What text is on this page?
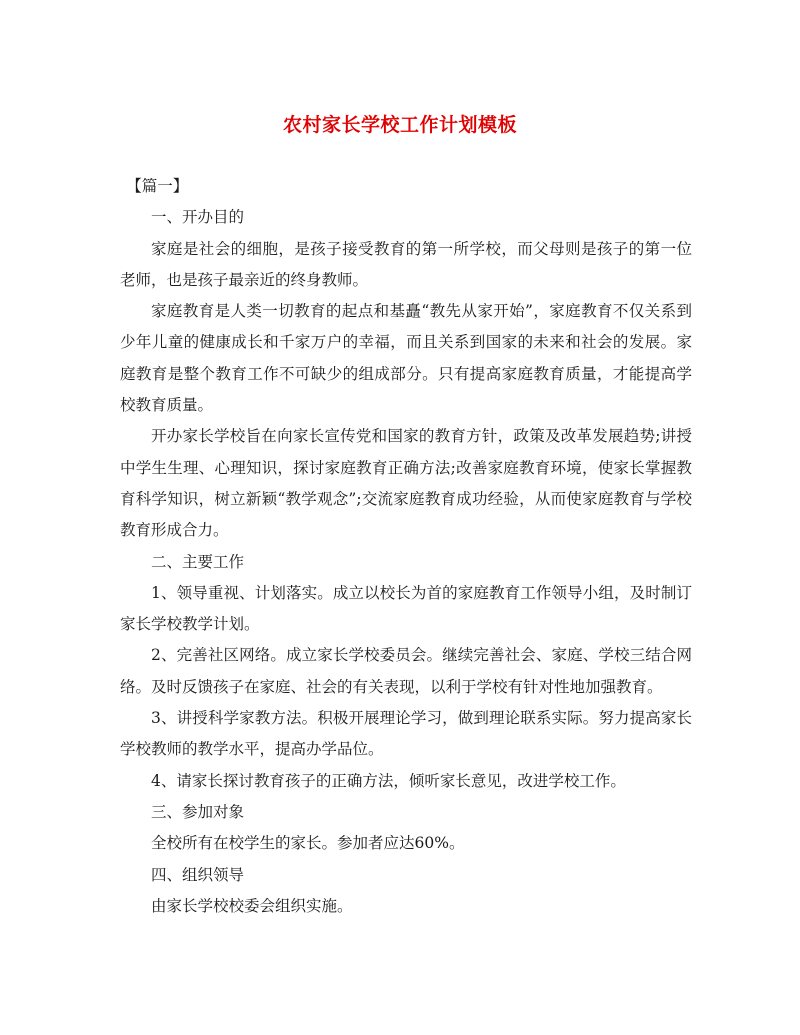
农村家长学校工作计划模板

【篇一】

一、开办目的

家庭是社会的细胞，是孩子接受教育的第一所学校，而父母则是孩子的第一位老师，也是孩子最亲近的终身教师。

家庭教育是人类一切教育的起点和基矗“教先从家开始”，家庭教育不仅关系到少年儿童的健康成长和千家万户的幸福，而且关系到国家的未来和社会的发展。家庭教育是整个教育工作不可缺少的组成部分。只有提高家庭教育质量，才能提高学校教育质量。

开办家长学校旨在向家长宣传党和国家的教育方针，政策及改革发展趋势;讲授中学生生理、心理知识，探讨家庭教育正确方法;改善家庭教育环境，使家长掌握教育科学知识，树立新颖“教学观念”;交流家庭教育成功经验，从而使家庭教育与学校教育形成合力。

二、主要工作

1、领导重视、计划落实。成立以校长为首的家庭教育工作领导小组，及时制订家长学校教学计划。

2、完善社区网络。成立家长学校委员会。继续完善社会、家庭、学校三结合网络。及时反馈孩子在家庭、社会的有关表现，以利于学校有针对性地加强教育。

3、讲授科学家教方法。积极开展理论学习，做到理论联系实际。努力提高家长学校教师的教学水平，提高办学品位。

4、请家长探讨教育孩子的正确方法，倾听家长意见，改进学校工作。

三、参加对象

全校所有在校学生的家长。参加者应达60%。

四、组织领导

由家长学校校委会组织实施。
